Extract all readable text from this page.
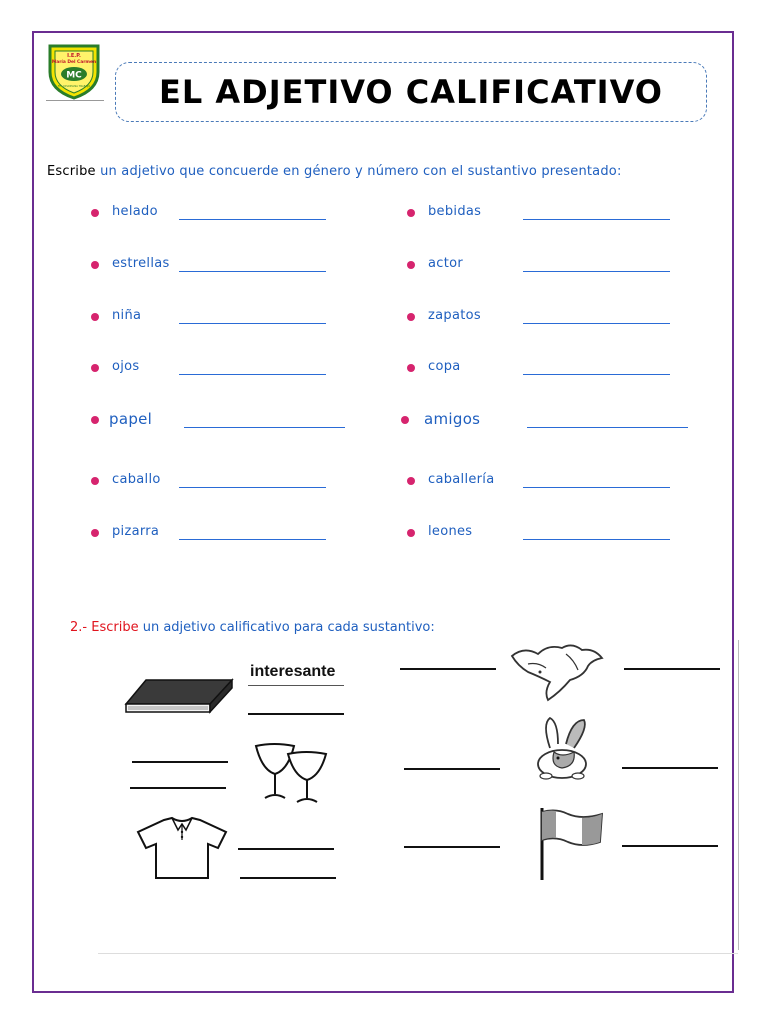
I.E.P.
María Del Carmen
MC
FE · DISCIPLINA TRABAJO	EL ADJETIVO CALIFICATIVO
Escribe un adjetivo que concuerde en género y número con el sustantivo presentado:
helado
estrellas
niña
ojos
papel
caballo
pizarra
bebidas
actor
zapatos
copa
amigos
caballería
leones
2.- Escribe un adjetivo calificativo para cada sustantivo:
interesante
